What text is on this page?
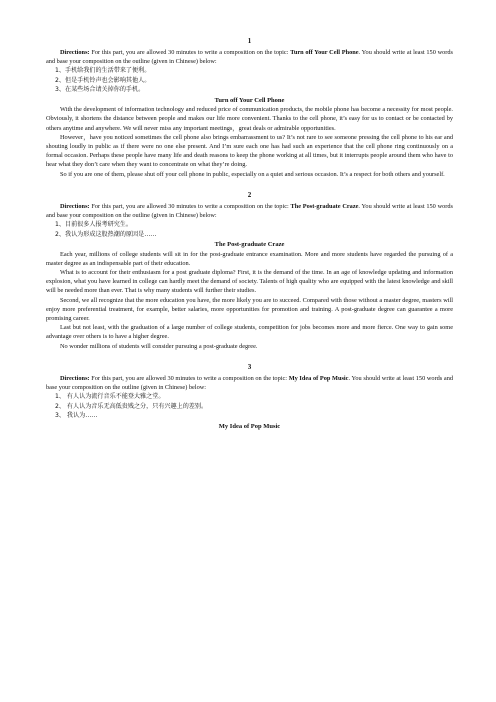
1

Directions: For this part, you are allowed 30 minutes to write a composition on the topic: Turn off Your Cell Phone. You should write at least 150 words and base your composition on the outline (given in Chinese) below:

1、手机给我们的生活带来了便利。
2、但是手机铃声也会影响其他人。
3、在某些场合请关掉你的手机。
Turn off Your Cell Phone

With the development of information technology and reduced price of communication products, the mobile phone has become a necessity for most people. Obviously, it shortens the distance between people and makes our life more convenient. Thanks to the cell phone, it’s easy for us to contact or be contacted by others anytime and anywhere. We will never miss any important meetings，great deals or admirable opportunities.

However，have you noticed sometimes the cell phone also brings embarrassment to us? It’s not rare to see someone pressing the cell phone to his ear and shouting loudly in public as if there were no one else present. And I’m sure each one has had such an experience that the cell phone ring continuously on a formal occasion. Perhaps these people have many life and death reasons to keep the phone working at all times, but it interrupts people around them who have to hear what they don’t care when they want to concentrate on what they’re doing.

So if you are one of them, please shut off your cell phone in public, especially on a quiet and serious occasion. It’s a respect for both others and yourself.

2

Directions: For this part, you are allowed 30 minutes to write a composition on the topic: The Post-graduate Craze. You should write at least 150 words and base your composition on the outline (given in Chinese) below:

1、目前很多人报考研究生。
2、我认为形成这股热潮的原因是……
The Post-graduate Craze

Each year, millions of college students will sit in for the post-graduate entrance examination. More and more students have regarded the pursuing of a master degree as an indispensable part of their education.

What is to account for their enthusiasm for a post graduate diploma? First, it is the demand of the time. In an age of knowledge updating and information explosion, what you have learned in college can hardly meet the demand of society. Talents of high quality who are equipped with the latest knowledge and skill will be needed more than ever. That is why many students will further their studies.

Second, we all recognize that the more education you have, the more likely you are to succeed. Compared with those without a master degree, masters will enjoy more preferential treatment, for example, better salaries, more opportunities for promotion and training. A post-graduate degree can guarantee a more promising career.

Last but not least, with the graduation of a large number of college students, competition for jobs becomes more and more fierce. One way to gain some advantage over others is to have a higher degree.

No wonder millions of students will consider pursuing a post-graduate degree.

3

Directions: For this part, you are allowed 30 minutes to write a composition on the topic: My Idea of Pop Music. You should write at least 150 words and base your composition on the outline (given in Chinese) below:

1、 有人认为流行音乐不能登大雅之堂。
2、 有人认为音乐无高低贵贱之分，只有兴趣上的差别。
3、 我认为……
My Idea of Pop Music
